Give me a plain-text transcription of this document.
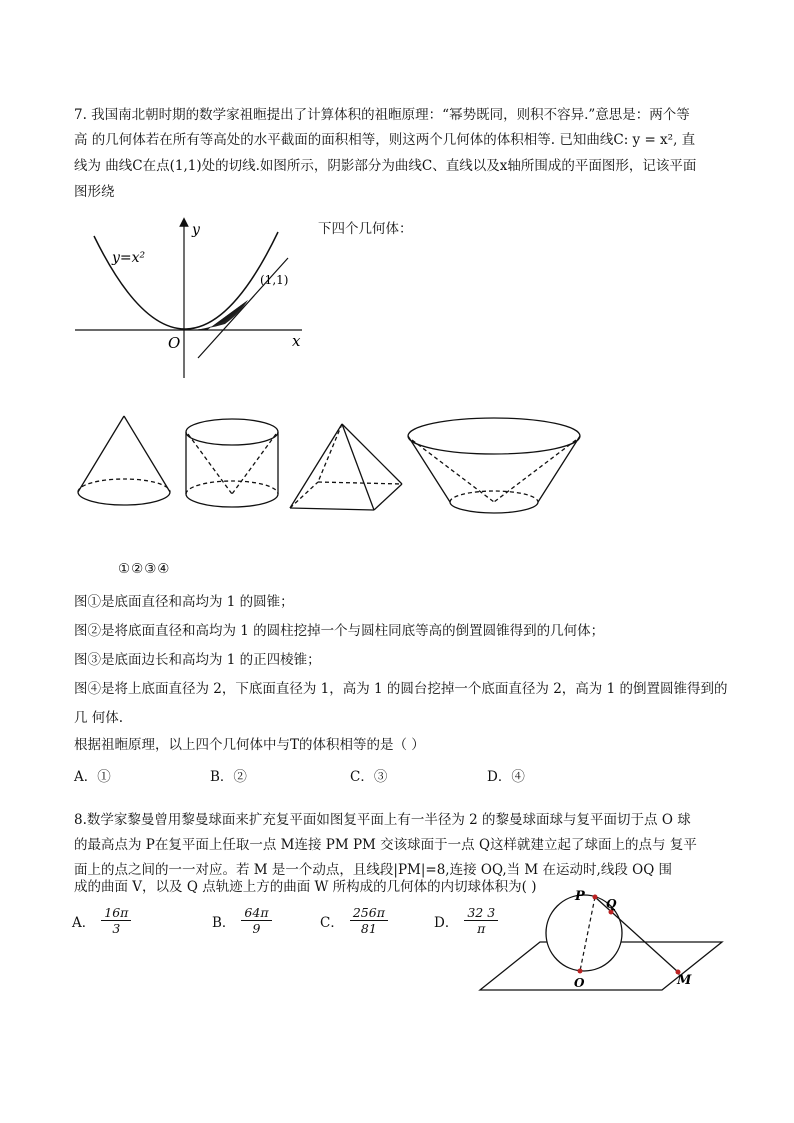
7. 我国南北朝时期的数学家祖暅提出了计算体积的祖暅原理：“幂势既同，则积不容异.”意思是：两个等
高 的几何体若在所有等高处的水平截面的面积相等，则这两个几何体的体积相等. 已知曲线C: y = x², 直
线为 曲线C在点(1,1)处的切线.如图所示，阴影部分为曲线C、直线以及x轴所围成的平面图形，记该平面
图形绕
下四个几何体：
y=x²
y
x
O
(1,1)
①②③④
图①是底面直径和高均为 1 的圆锥；
图②是将底面直径和高均为 1 的圆柱挖掉一个与圆柱同底等高的倒置圆锥得到的几何体；
图③是底面边长和高均为 1 的正四棱锥；
图④是将上底面直径为 2，下底面直径为 1，高为 1 的圆台挖掉一个底面直径为 2，高为 1 的倒置圆锥得到的
几 何体.
根据祖暅原理，以上四个几何体中与T的体积相等的是（ ）
A．①	B．②	C．③	D．④
8.数学家黎曼曾用黎曼球面来扩充复平面如图复平面上有一半径为 2 的黎曼球面球与复平面切于点 O 球
的最高点为 P在复平面上任取一点 M连接 PM PM 交该球面于一点 Q这样就建立起了球面上的点与 复平
面上的点之间的一一对应。若 M 是一个动点，且线段|PM|=8,连接 OQ,当 M 在运动时,线段 OQ 围
成的曲面 V，以及 Q 点轨迹上方的曲面 W 所构成的几何体的内切球体积为( )
A． $\frac{16\pi}{3}$	B． $\frac{64\pi}{9}$	C． $\frac{256\pi}{81}$	D． $\frac{32 3}{\pi}$
P Q
O	M
